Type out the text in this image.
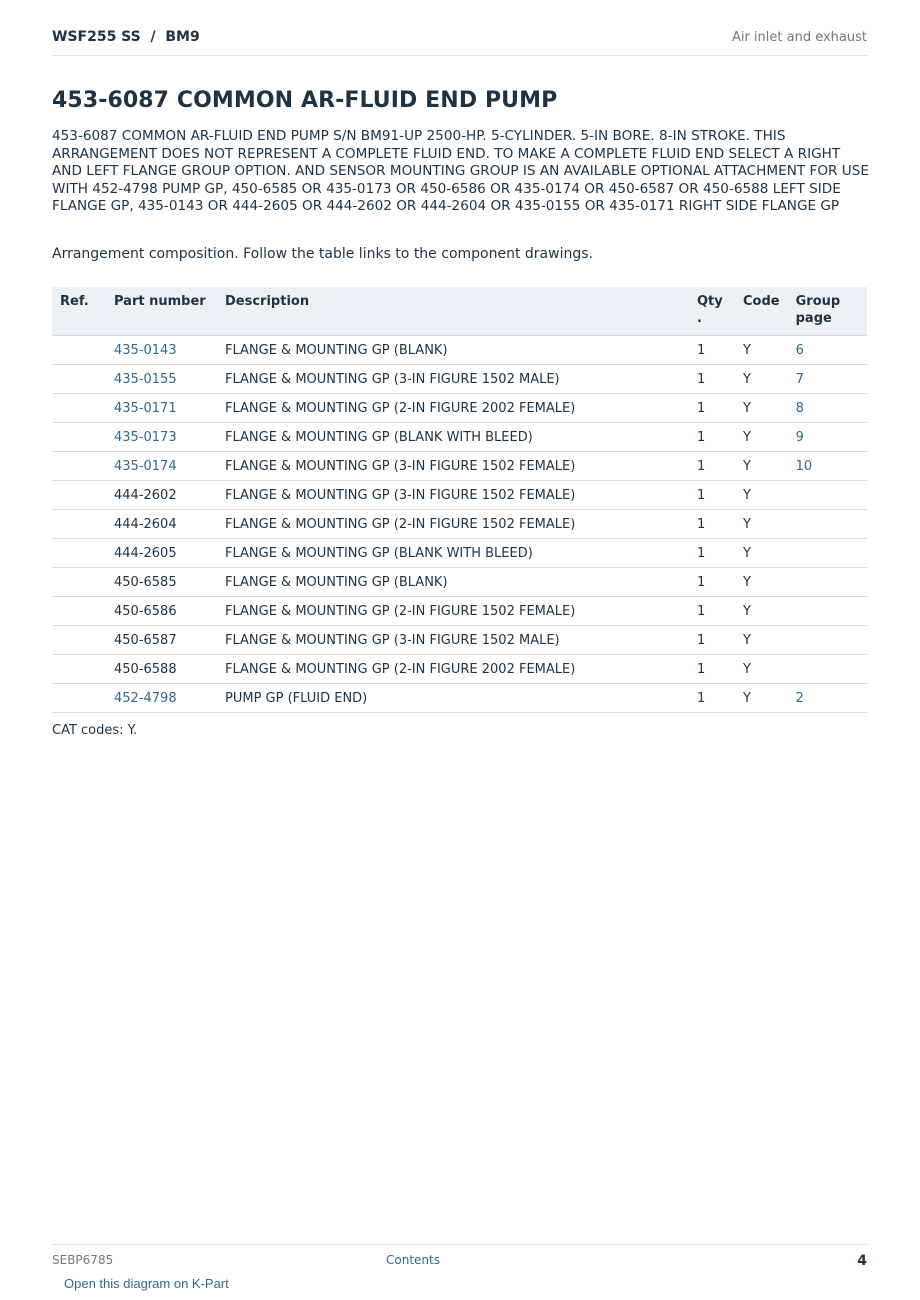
WSF255 SS / BM9	Air inlet and exhaust
453-6087 COMMON AR-FLUID END PUMP

453-6087 COMMON AR-FLUID END PUMP S/N BM91-UP 2500-HP. 5-CYLINDER. 5-IN BORE. 8-IN STROKE. THIS ARRANGEMENT DOES NOT REPRESENT A COMPLETE FLUID END. TO MAKE A COMPLETE FLUID END SELECT A RIGHT AND LEFT FLANGE GROUP OPTION. AND SENSOR MOUNTING GROUP IS AN AVAILABLE OPTIONAL ATTACHMENT FOR USE WITH 452-4798 PUMP GP, 450-6585 OR 435-0173 OR 450-6586 OR 435-0174 OR 450-6587 OR 450-6588 LEFT SIDE FLANGE GP, 435-0143 OR 444-2605 OR 444-2602 OR 444-2604 OR 435-0155 OR 435-0171 RIGHT SIDE FLANGE GP

Arrangement composition. Follow the table links to the component drawings.

Ref.	Part number	Description	Qty .	Code	Group page
	435-0143	FLANGE & MOUNTING GP (BLANK)	1	Y	6
	435-0155	FLANGE & MOUNTING GP (3-IN FIGURE 1502 MALE)	1	Y	7
	435-0171	FLANGE & MOUNTING GP (2-IN FIGURE 2002 FEMALE)	1	Y	8
	435-0173	FLANGE & MOUNTING GP (BLANK WITH BLEED)	1	Y	9
	435-0174	FLANGE & MOUNTING GP (3-IN FIGURE 1502 FEMALE)	1	Y	10
	444-2602	FLANGE & MOUNTING GP (3-IN FIGURE 1502 FEMALE)	1	Y	
	444-2604	FLANGE & MOUNTING GP (2-IN FIGURE 1502 FEMALE)	1	Y	
	444-2605	FLANGE & MOUNTING GP (BLANK WITH BLEED)	1	Y	
	450-6585	FLANGE & MOUNTING GP (BLANK)	1	Y	
	450-6586	FLANGE & MOUNTING GP (2-IN FIGURE 1502 FEMALE)	1	Y	
	450-6587	FLANGE & MOUNTING GP (3-IN FIGURE 1502 MALE)	1	Y	
	450-6588	FLANGE & MOUNTING GP (2-IN FIGURE 2002 FEMALE)	1	Y	
	452-4798	PUMP GP (FLUID END)	1	Y	2

CAT codes: Y.

SEBP6785	Contents	4
Open this diagram on K-Part
